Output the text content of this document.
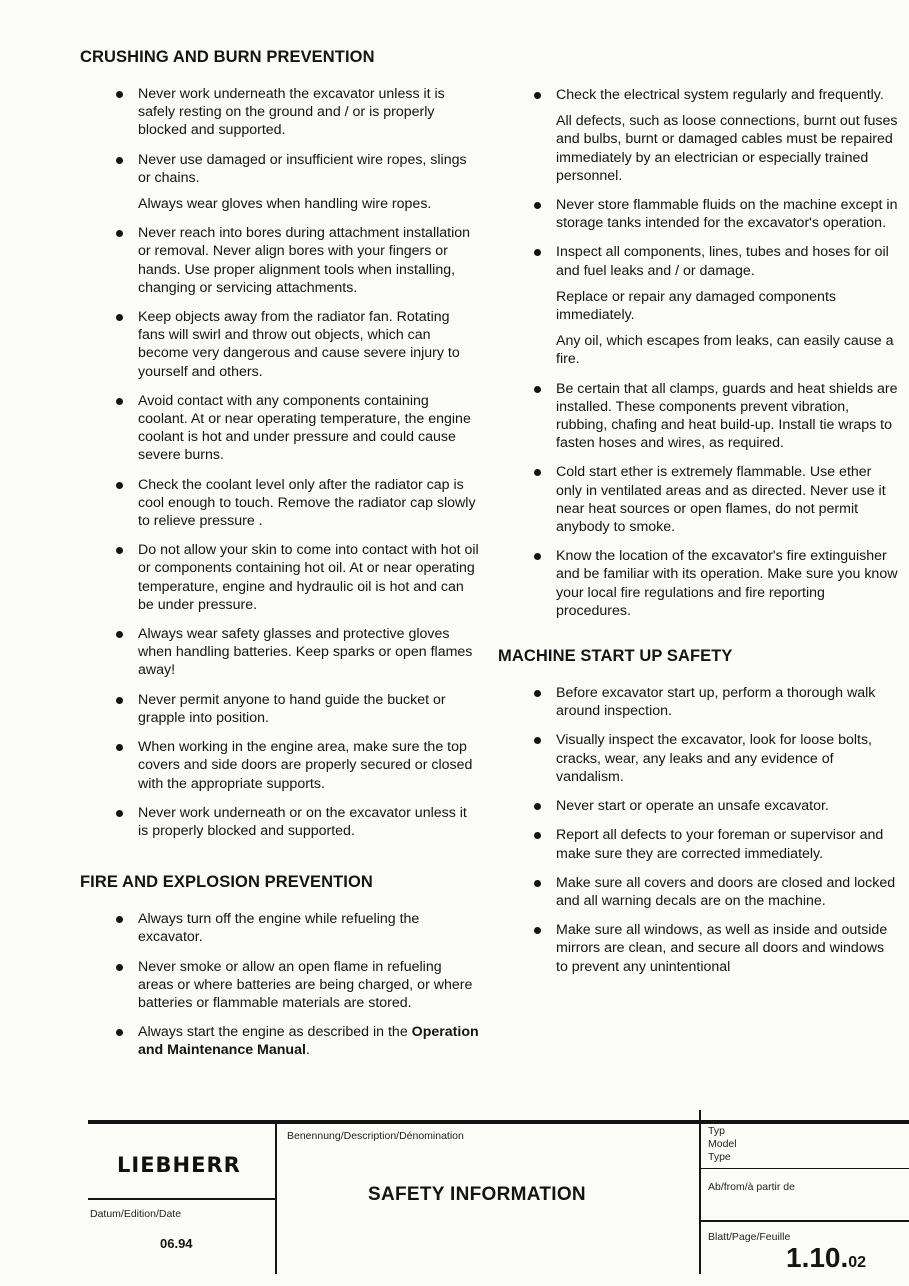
CRUSHING AND BURN PREVENTION

Never work underneath the excavator unless it is safely resting on the ground and / or is properly blocked and supported.

Never use damaged or insufficient wire ropes, slings or chains.

Always wear gloves when handling wire ropes.

Never reach into bores during attachment installation or removal. Never align bores with your fingers or hands. Use proper alignment tools when installing, changing or servicing attachments.

Keep objects away from the radiator fan. Rotating fans will swirl and throw out objects, which can become very dangerous and cause severe injury to yourself and others.

Avoid contact with any components containing coolant. At or near operating temperature, the engine coolant is hot and under pressure and could cause severe burns.

Check the coolant level only after the radiator cap is cool enough to touch. Remove the radiator cap slowly to relieve pressure .

Do not allow your skin to come into contact with hot oil or components containing hot oil. At or near operating temperature, engine and hydraulic oil is hot and can be under pressure.

Always wear safety glasses and protective gloves when handling batteries. Keep sparks or open flames away!

Never permit anyone to hand guide the bucket or grapple into position.

When working in the engine area, make sure the top covers and side doors are properly secured or closed with the appropriate supports.

Never work underneath or on the excavator unless it is properly blocked and supported.

FIRE AND EXPLOSION PREVENTION

Always turn off the engine while refueling the excavator.

Never smoke or allow an open flame in refueling areas or where batteries are being charged, or where batteries or flammable materials are stored.

Always start the engine as described in the Operation and Maintenance Manual.

Check the electrical system regularly and frequently.

All defects, such as loose connections, burnt out fuses and bulbs, burnt or damaged cables must be repaired immediately by an electrician or especially trained personnel.

Never store flammable fluids on the machine except in storage tanks intended for the excavator's operation.

Inspect all components, lines, tubes and hoses for oil and fuel leaks and / or damage.

Replace or repair any damaged components immediately.

Any oil, which escapes from leaks, can easily cause a fire.

Be certain that all clamps, guards and heat shields are installed. These components prevent vibration, rubbing, chafing and heat build-up. Install tie wraps to fasten hoses and wires, as required.

Cold start ether is extremely flammable. Use ether only in ventilated areas and as directed. Never use it near heat sources or open flames, do not permit anybody to smoke.

Know the location of the excavator's fire extinguisher and be familiar with its operation. Make sure you know your local fire regulations and fire reporting procedures.

MACHINE START UP SAFETY

Before excavator start up, perform a thorough walk around inspection.

Visually inspect the excavator, look for loose bolts, cracks, wear, any leaks and any evidence of vandalism.

Never start or operate an unsafe excavator.

Report all defects to your foreman or supervisor and make sure they are corrected immediately.

Make sure all covers and doors are closed and locked and all warning decals are on the machine.

Make sure all windows, as well as inside and outside mirrors are clean, and secure all doors and windows to prevent any unintentional

LIEBHERR
Benennung/Description/Dénomination
SAFETY INFORMATION
Typ
Model
Type
Ab/from/à partir de
Datum/Edition/Date
06.94	Blatt/Page/Feuille
1.10.02
